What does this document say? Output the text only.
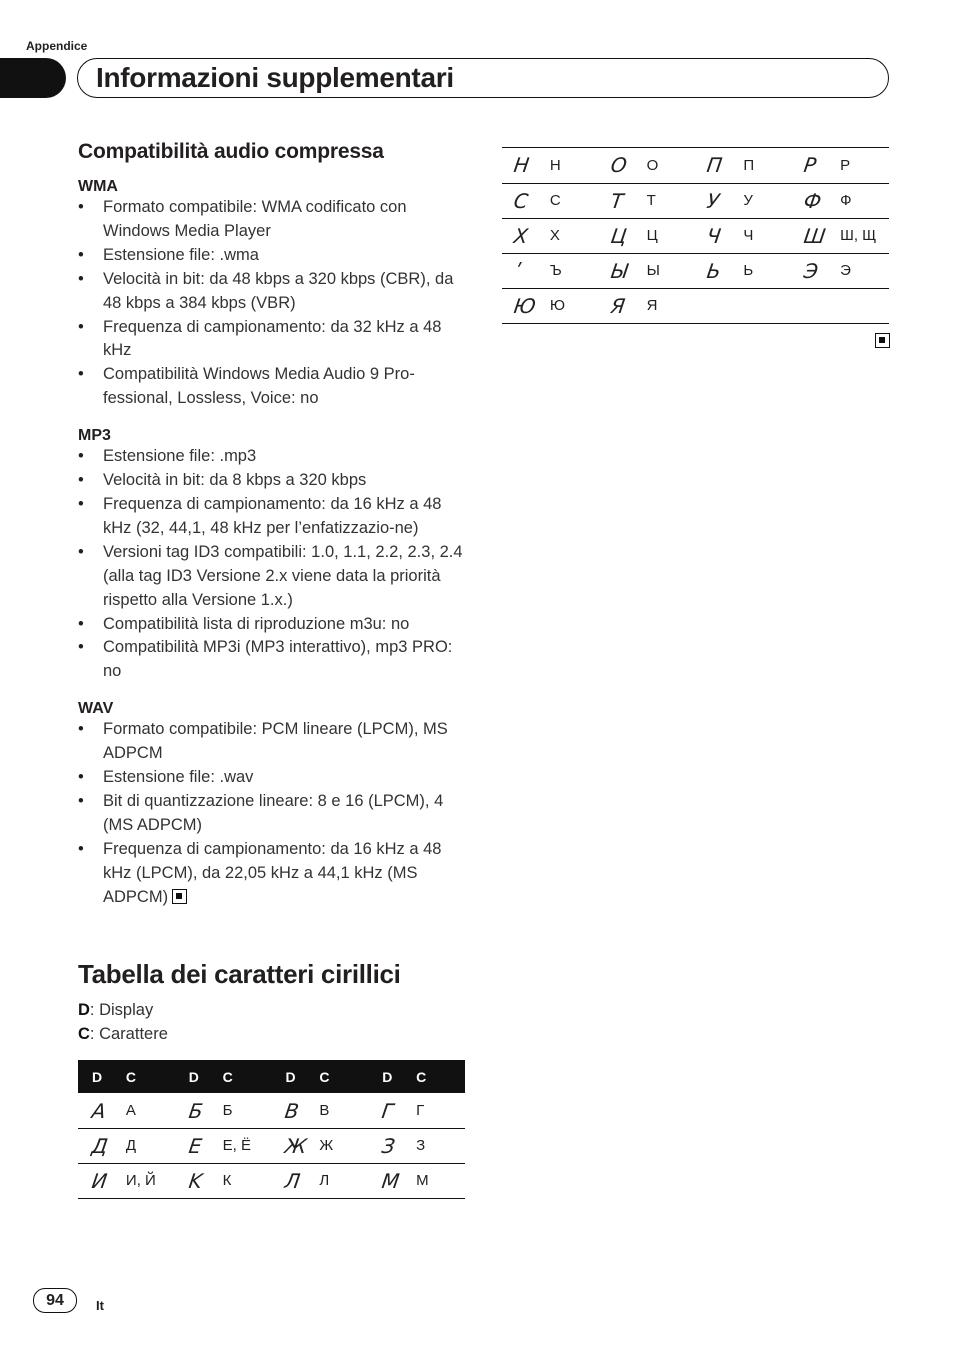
Appendice
Informazioni supplementari
Compatibilità audio compressa
WMA
• Formato compatibile: WMA codificato con Windows Media Player
• Estensione file: .wma
• Velocità in bit: da 48 kbps a 320 kbps (CBR), da 48 kbps a 384 kbps (VBR)
• Frequenza di campionamento: da 32 kHz a 48 kHz
• Compatibilità Windows Media Audio 9 Pro-fessional, Lossless, Voice: no
MP3
• Estensione file: .mp3
• Velocità in bit: da 8 kbps a 320 kbps
• Frequenza di campionamento: da 16 kHz a 48 kHz (32, 44,1, 48 kHz per l’enfatizzazio-ne)
• Versioni tag ID3 compatibili: 1.0, 1.1, 2.2, 2.3, 2.4 (alla tag ID3 Versione 2.x viene data la priorità rispetto alla Versione 1.x.)
• Compatibilità lista di riproduzione m3u: no
• Compatibilità MP3i (MP3 interattivo), mp3 PRO: no
WAV
• Formato compatibile: PCM lineare (LPCM), MS ADPCM
• Estensione file: .wav
• Bit di quantizzazione lineare: 8 e 16 (LPCM), 4 (MS ADPCM)
• Frequenza di campionamento: da 16 kHz a 48 kHz (LPCM), da 22,05 kHz a 44,1 kHz (MS ADPCM)
Tabella dei caratteri cirillici
D: Display
C: Carattere
D	C	D	C	D	C	D	C
A	А	Б	Б	B	В	Г	Г
Д	Д	E	Е, Ё	Ж	Ж	З	З
И	И, Й	K	К	Л	Л	M	М
H	Н	O	О	П	П	P	Р
C	С	T	Т	У	У	Ф	Ф
X	Х	Ц	Ц	Ч	Ч	Ш	Ш, Щ
ʹ	Ъ	Ы	Ы	Ь	Ь	Э	Э
Ю	Ю	Я	Я				
94	It
